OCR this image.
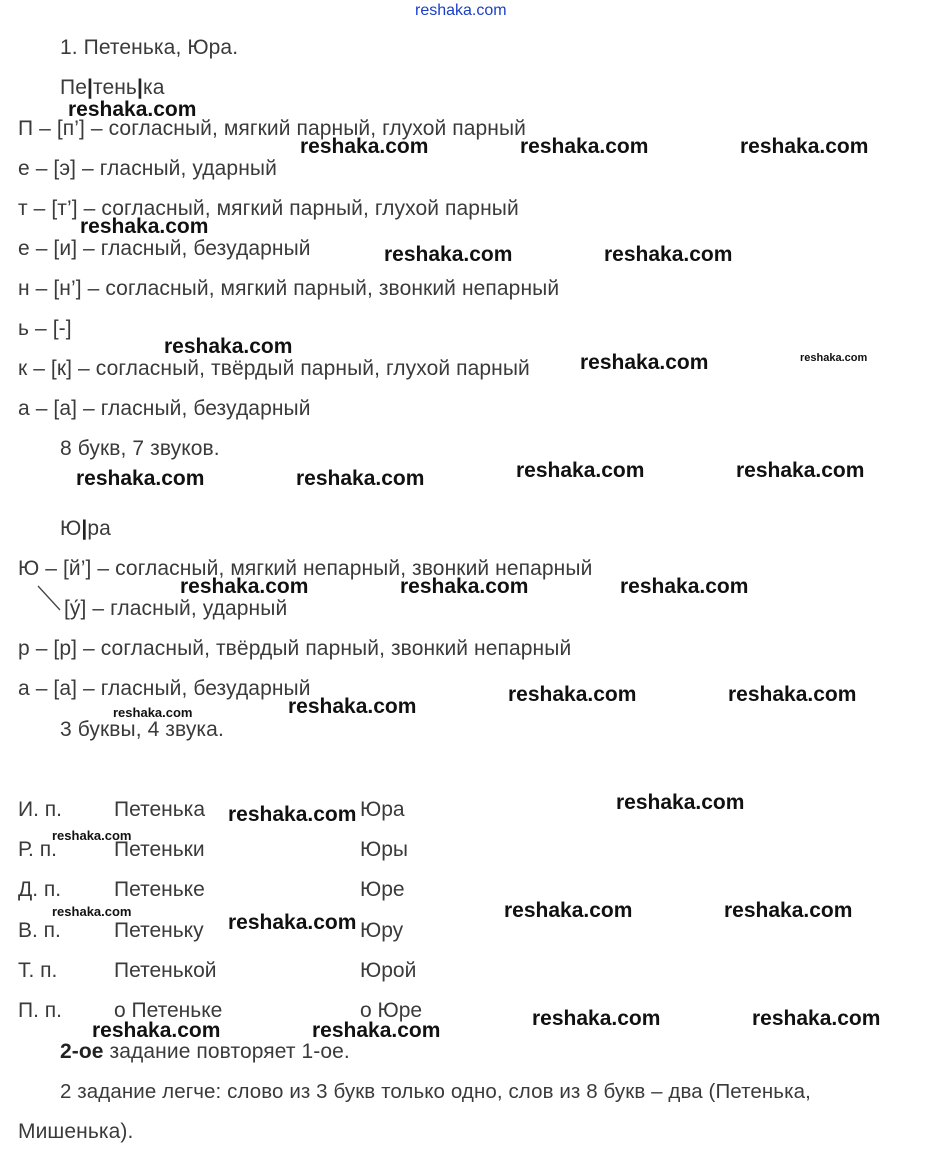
reshaka.com
1. Петенька, Юра.
Пе|тень|ка
П – [п’] – согласный, мягкий парный, глухой парный
е – [э] – гласный, ударный
т – [т’] – согласный, мягкий парный, глухой парный
е – [и] – гласный, безударный
н – [н’] – согласный, мягкий парный, звонкий непарный
ь – [-]
к – [к] – согласный, твёрдый парный, глухой парный
а – [а] – гласный, безударный
8 букв, 7 звуков.
Ю|ра
Ю – [й’] – согласный, мягкий непарный, звонкий непарный
[у́] – гласный, ударный
р – [р] – согласный, твёрдый парный, звонкий непарный
а – [а] – гласный, безударный
3 буквы, 4 звука.
И. п. Петенька	Юра
Р. п.	Петеньки	Юры
Д. п.	Петеньке	Юре
В. п.	Петеньку	Юру
Т. п.	Петенькой	Юрой
П. п. о Петеньке	о Юре
2-ое задание повторяет 1-ое.
2 задание легче: слово из 3 букв только одно, слов из 8 букв – два (Петенька,
Мишенька).
reshaka.com
reshaka.com	reshaka.com	reshaka.com
reshaka.com
reshaka.com	reshaka.com
reshaka.com
reshaka.com	reshaka.com
reshaka.com	reshaka.com
reshaka.com	reshaka.com
reshaka.com	reshaka.com	reshaka.com
reshaka.com	reshaka.com
reshaka.com
reshaka.com
reshaka.com
reshaka.com
reshaka.com
reshaka.com	reshaka.com
reshaka.com
reshaka.com
reshaka.com	reshaka.com
reshaka.com	reshaka.com
